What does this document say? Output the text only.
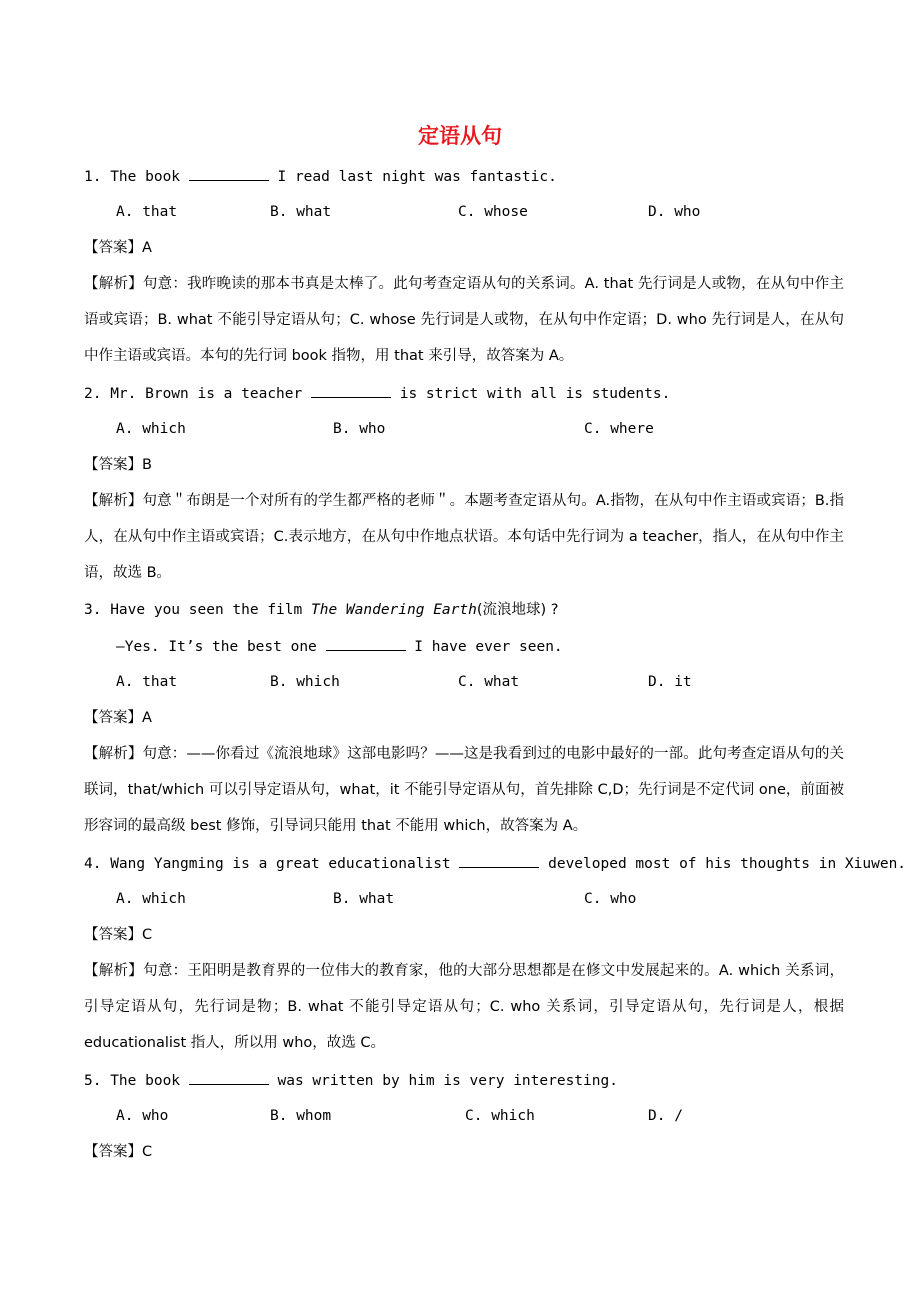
定语从句
1. The book	I read last night was fantastic.
A. that	B. what	C. whose	D. who
【答案】A
【解析】句意：我昨晚读的那本书真是太棒了。此句考查定语从句的关系词。A. that 先行词是人或物，在从句中作主语或宾语；B. what 不能引导定语从句；C. whose 先行词是人或物，在从句中作定语；D. who 先行词是人，在从句中作主语或宾语。本句的先行词 book 指物，用 that 来引导，故答案为 A。
2. Mr. Brown is a teacher	is strict with all is students.
A. which	B. who	C. where
【答案】B
【解析】句意＂布朗是一个对所有的学生都严格的老师＂。本题考查定语从句。A.指物，在从句中作主语或宾语；B.指人，在从句中作主语或宾语；C.表示地方，在从句中作地点状语。本句话中先行词为 a teacher，指人，在从句中作主语，故选 B。
3. Have you seen the film The Wandering Earth(流浪地球) ?
—Yes. It’s the best one	I have ever seen.
A. that	B. which	C. what	D. it
【答案】A
【解析】句意：——你看过《流浪地球》这部电影吗？——这是我看到过的电影中最好的一部。此句考查定语从句的关联词，that/which 可以引导定语从句，what，it 不能引导定语从句，首先排除 C,D；先行词是不定代词 one，前面被形容词的最高级 best 修饰，引导词只能用 that 不能用 which，故答案为 A。
4. Wang Yangming is a great educationalist	developed most of his thoughts in Xiuwen.
A. which	B. what	C. who
【答案】C
【解析】句意：王阳明是教育界的一位伟大的教育家，他的大部分思想都是在修文中发展起来的。A. which 关系词，引导定语从句，先行词是物；B. what 不能引导定语从句；C. who 关系词，引导定语从句，先行词是人，根据 educationalist 指人，所以用 who，故选 C。
5. The book	was written by him is very interesting.
A. who	B. whom	C. which	D. /
【答案】C
